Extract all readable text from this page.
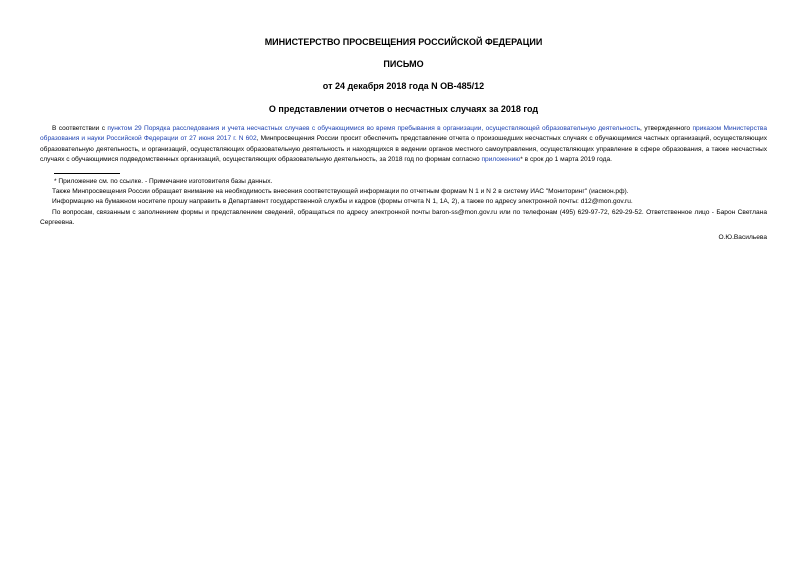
МИНИСТЕРСТВО ПРОСВЕЩЕНИЯ РОССИЙСКОЙ ФЕДЕРАЦИИ
ПИСЬМО
от 24 декабря 2018 года N ОВ-485/12
О представлении отчетов о несчастных случаях за 2018 год

В соответствии с пунктом 29 Порядка расследования и учета несчастных случаев с обучающимися во время пребывания в организации, осуществляющей образовательную деятельность, утвержденного приказом Министерства образования и науки Российской Федерации от 27 июня 2017 г. N 602, Минпросвещения России просит обеспечить представление отчета о произошедших несчастных случаях с обучающимися частных организаций, осуществляющих образовательную деятельность, и организаций, осуществляющих образовательную деятельность и находящихся в ведении органов местного самоуправления, осуществляющих управление в сфере образования, а также несчастных случаях с обучающимися подведомственных организаций, осуществляющих образовательную деятельность, за 2018 год по формам согласно приложению* в срок до 1 марта 2019 года.

* Приложение см. по ссылке. - Примечание изготовителя базы данных.

Также Минпросвещения России обращает внимание на необходимость внесения соответствующей информации по отчетным формам N 1 и N 2 в систему ИАС "Мониторинг" (иасмон.рф).

Информацию на бумажном носителе прошу направить в Департамент государственной службы и кадров (формы отчета N 1, 1А, 2), а также по адресу электронной почты: d12@mon.gov.ru.

По вопросам, связанным с заполнением формы и представлением сведений, обращаться по адресу электронной почты baron-ss@mon.gov.ru или по телефонам (495) 629-97-72, 629-29-52. Ответственное лицо - Барон Светлана Сергеевна.

О.Ю.Васильева
